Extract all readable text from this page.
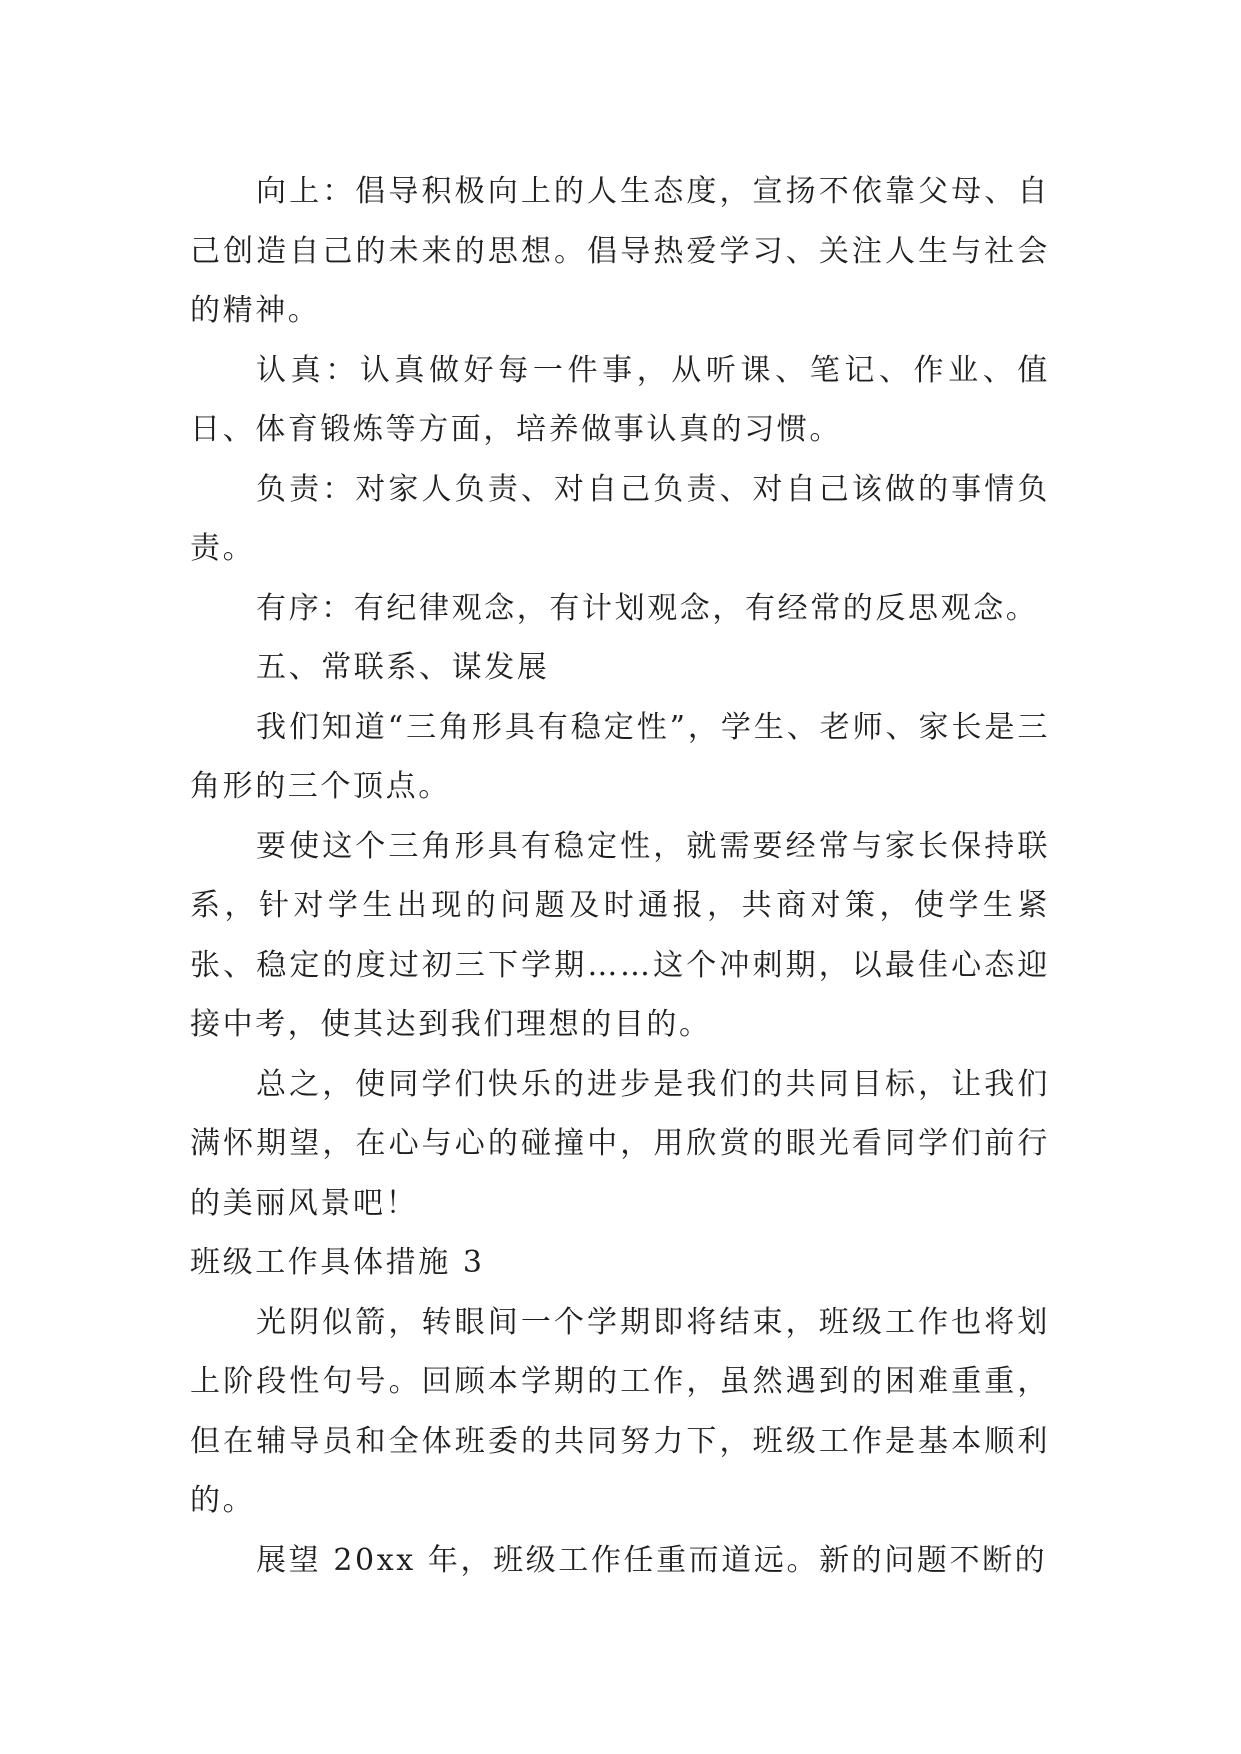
向上：倡导积极向上的人生态度，宣扬不依靠父母、自己创造自己的未来的思想。倡导热爱学习、关注人生与社会的精神。

认真：认真做好每一件事，从听课、笔记、作业、值日、体育锻炼等方面，培养做事认真的习惯。

负责：对家人负责、对自己负责、对自己该做的事情负责。

有序：有纪律观念，有计划观念，有经常的反思观念。

五、常联系、谋发展

我们知道“三角形具有稳定性”，学生、老师、家长是三角形的三个顶点。

要使这个三角形具有稳定性，就需要经常与家长保持联系，针对学生出现的问题及时通报，共商对策，使学生紧张、稳定的度过初三下学期……这个冲刺期，以最佳心态迎接中考，使其达到我们理想的目的。

总之，使同学们快乐的进步是我们的共同目标，让我们满怀期望，在心与心的碰撞中，用欣赏的眼光看同学们前行的美丽风景吧！

班级工作具体措施 3

光阴似箭，转眼间一个学期即将结束，班级工作也将划上阶段性句号。回顾本学期的工作，虽然遇到的困难重重，但在辅导员和全体班委的共同努力下，班级工作是基本顺利的。

展望 20xx 年，班级工作任重而道远。新的问题不断的
